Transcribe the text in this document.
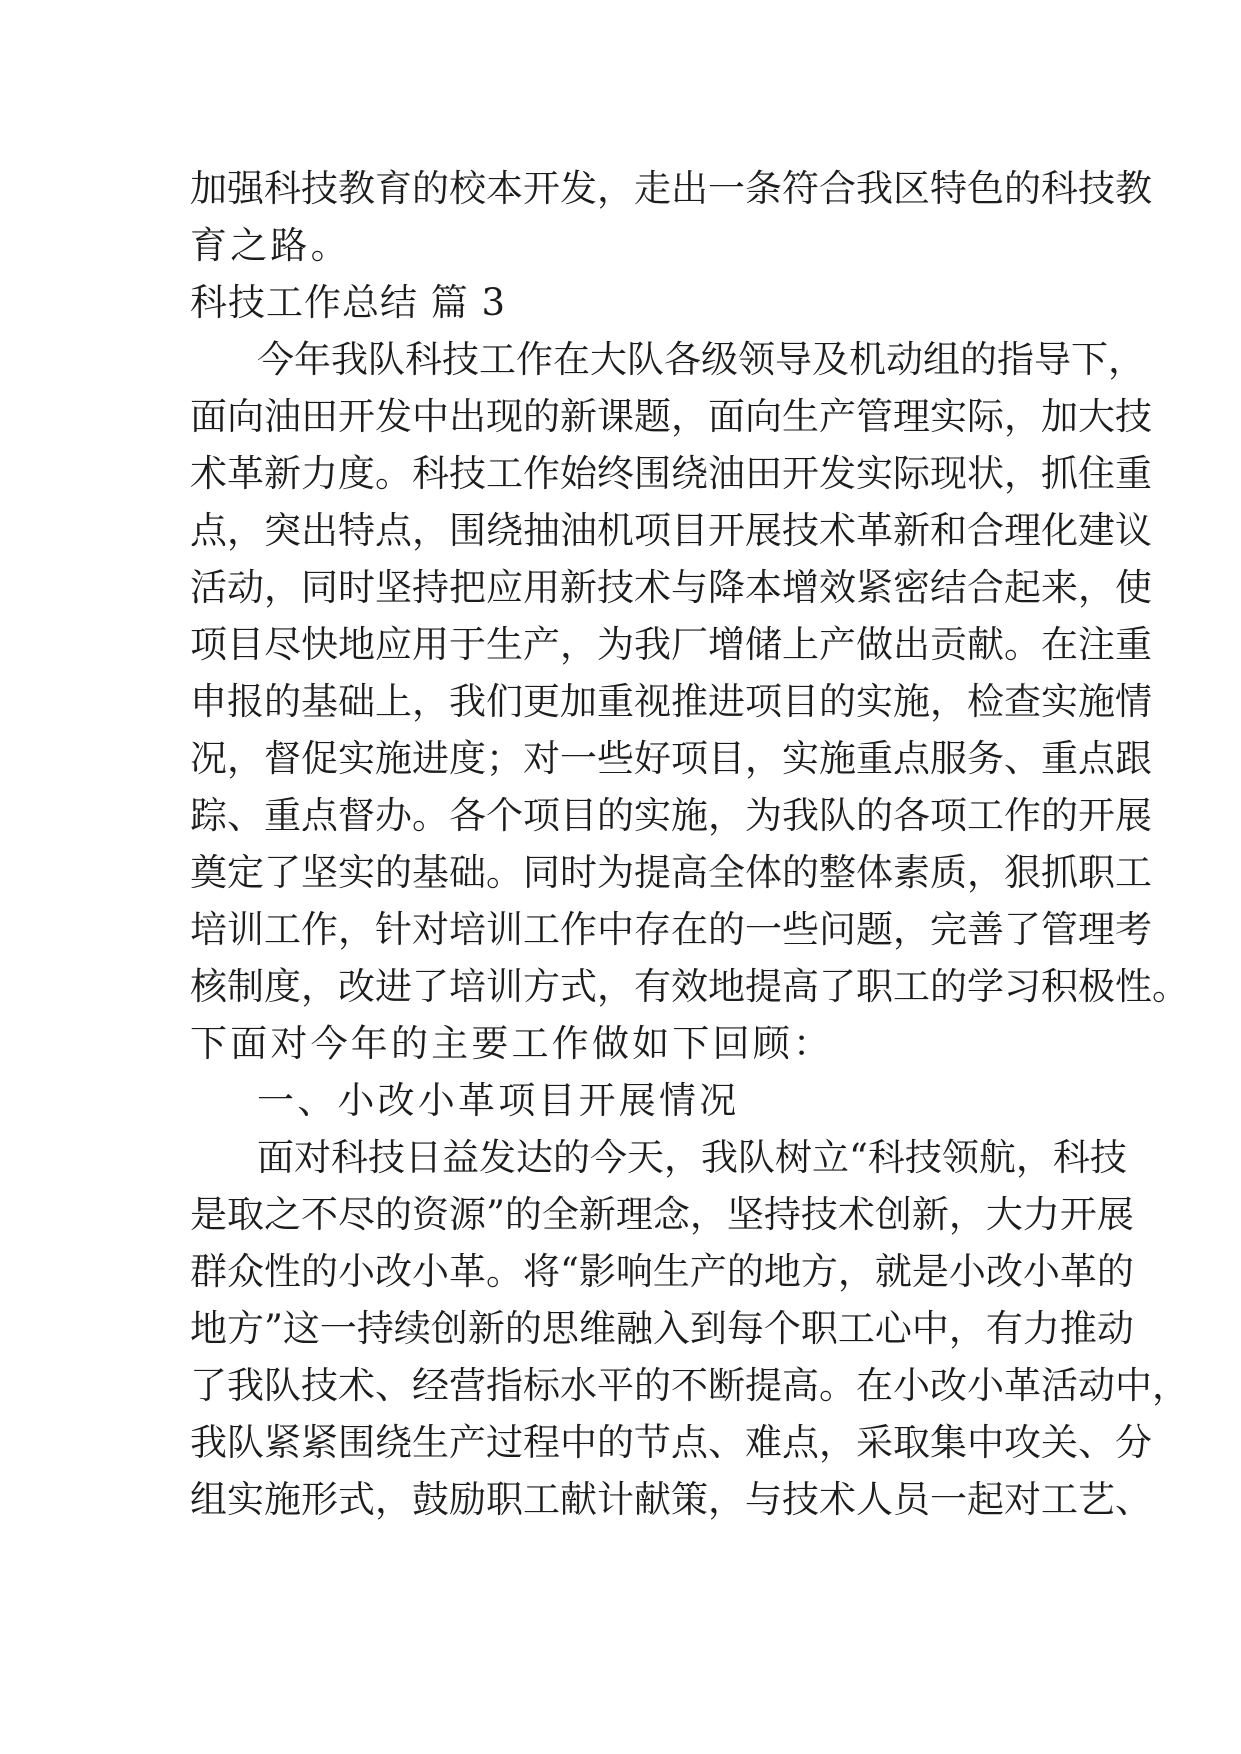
加强科技教育的校本开发，走出一条符合我区特色的科技教
育之路。
科技工作总结 篇 3
今年我队科技工作在大队各级领导及机动组的指导下，
面向油田开发中出现的新课题，面向生产管理实际，加大技
术革新力度。科技工作始终围绕油田开发实际现状，抓住重
点，突出特点，围绕抽油机项目开展技术革新和合理化建议
活动，同时坚持把应用新技术与降本增效紧密结合起来，使
项目尽快地应用于生产，为我厂增储上产做出贡献。在注重
申报的基础上，我们更加重视推进项目的实施，检查实施情
况，督促实施进度；对一些好项目，实施重点服务、重点跟
踪、重点督办。各个项目的实施，为我队的各项工作的开展
奠定了坚实的基础。同时为提高全体的整体素质，狠抓职工
培训工作，针对培训工作中存在的一些问题，完善了管理考
核制度，改进了培训方式，有效地提高了职工的学习积极性。
下面对今年的主要工作做如下回顾：
一、小改小革项目开展情况
面对科技日益发达的今天，我队树立“科技领航，科技
是取之不尽的资源”的全新理念，坚持技术创新，大力开展
群众性的小改小革。将“影响生产的地方，就是小改小革的
地方”这一持续创新的思维融入到每个职工心中，有力推动
了我队技术、经营指标水平的不断提高。在小改小革活动中，
我队紧紧围绕生产过程中的节点、难点，采取集中攻关、分
组实施形式，鼓励职工献计献策，与技术人员一起对工艺、
